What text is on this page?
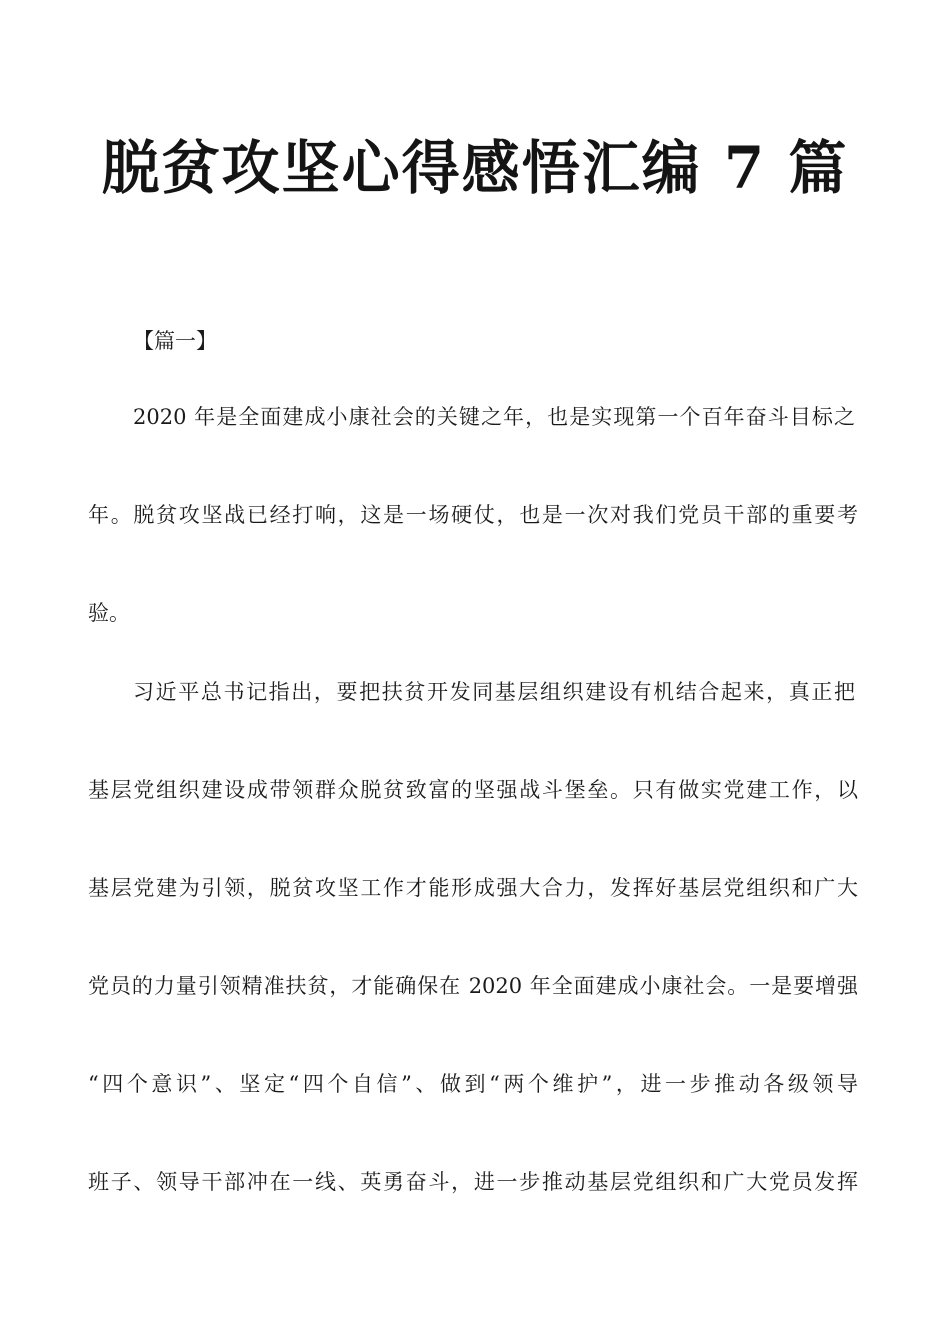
脱贫攻坚心得感悟汇编 7 篇
【篇一】
2020 年是全面建成小康社会的关键之年，也是实现第一个百年奋斗目标之
年。脱贫攻坚战已经打响，这是一场硬仗，也是一次对我们党员干部的重要考
验。
习近平总书记指出，要把扶贫开发同基层组织建设有机结合起来，真正把
基层党组织建设成带领群众脱贫致富的坚强战斗堡垒。只有做实党建工作，以
基层党建为引领，脱贫攻坚工作才能形成强大合力，发挥好基层党组织和广大
党员的力量引领精准扶贫，才能确保在 2020 年全面建成小康社会。一是要增强
“四个意识”、坚定“四个自信”、做到“两个维护”，进一步推动各级领导
班子、领导干部冲在一线、英勇奋斗，进一步推动基层党组织和广大党员发挥
